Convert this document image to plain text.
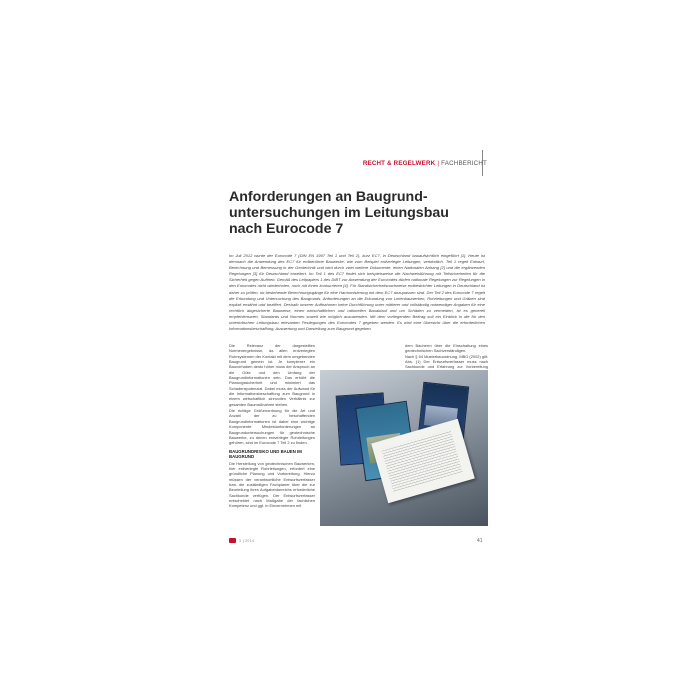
RECHT & REGELWERK | FACHBERICHT
Anforderungen an Baugrund-
untersuchungen im Leitungsbau
nach Eurocode 7

Im Juli 2012 wurde der Eurocode 7 (DIN EN 1997 Teil 1 und Teil 2), kurz EC7, in Deutschland bauaufsichtlich eingeführt [1]. Heute ist demnach die Anwendung des EC7 für erdberührte Bauwerke, wie zum Beispiel erdverlegte Leitungen, verbindlich. Teil 1 regelt Entwurf, Berechnung und Bemessung in der Geotechnik und wird durch zwei weitere Dokumente, einen Nationalen Anhang [2] und die ergänzenden Regelungen [3] für Deutschland erweitert. Im Teil 1 des EC7 findet sich beispielsweise die Nachweisführung mit Teilsicherheiten für die Sicherheit gegen Auftrieb. Gemäß des Leitpapiers 1 des DIBT zur Anwendung der Eurocodes dürfen nationale Regelungen zur Regelungen in den Eurocodes nicht wiederholen, noch mit ihnen konkurrieren [4]. Für Standsicherheitsnachweise erdbestrichter Leitungen in Deutschland ist daher zu prüfen, ob bestehende Berechnungsgänge für eine Harmonisierung mit dem EC7 anzupassen sind. Der Teil 2 des Eurocode 7 regelt die Erkundung und Untersuchung des Baugrunds. Anforderungen an die Erkundung von Linienbauwerken, Rohrleitungen und Gräben sind explizit erwähnt und beziffert. Deshalb unserer Auffnahmen keine Durchführung unter mittlerer und vollständig notwendiger Angaben für eine rechtlich abgesicherte Bauweise, einen wirtschaftlichen und rationellen Bauablauf und um Schäden zu vermeiden, ist es generell empfehlenswert, Standards und Normen soweit wie möglich anzuwenden. Mit dem vorliegenden Beitrag soll ein Einblick in die für den unterirdischen Leitungsbau relevanten Festlegungen des Eurocodes 7 gegeben werden. Es wird eine Übersicht über die erforderlichen Informationsbeschaffung, Auswertung und Darstellung zum Baugrund gegeben.

Die Relevanz der dargestellten Normenergebnisse, da allen erdverlegten Rohrsystemen der Kontakt mit dem umgebenden Baugrund gemein ist. Je komplexer ein Bauvorhaben desto höher muss der Anspruch an die Güte und den Umfang der Baugrundinformationen sein. Das erhöht die Planungssicherheit und minimiert das Schadenspotenzial. Dabei muss der Aufwand für die Informationsbeschaffung zum Baugrund in einem wirtschaftlich sinnvollen Verhältnis zur gesamten Baumaßnahme stehen.

Die richtige Größenordnung für die Art und Anzahl der zu beschaffenden Baugrundinformationen ist dabei eine wichtige Komponente. Mindestanforderungen an Baugrunduntersuchungen für geotechnische Bauwerke, zu denen erdverlegte Rohrleitungen gehören, sind im Eurocode 7 Teil 2 zu finden.

BAUGRUNDRISIKO UND BAUEN IM BAUGRUND

Die Herstellung von geotechnischen Bauwerken, hier erdverlegte Rohrleitungen, erfordert eine gründliche Planung und Vorbereitung. Hierzu müssen der verantwortliche Entwurfsverfasser bzw. die zuständigen Fachplaner über die zur Beurteilung ihres Aufgabenbereichs erforderliche Sachkunde verfügen. Der Entwurfsverfasser entscheidet nach Maßgabe der fachlichen Kompetenz und ggf. in Einvernehmen mit

dem Bauherrn über die Einschaltung eines geotechnischen Sachverständigen.

Nach § 54 Musterbauordnung, MBO (2002) gilt: Abs. (1) Der Entwurfsverfasser muss nach Sachkunde und Erfahrung zur Vorbereitung

3 | 2014	41
